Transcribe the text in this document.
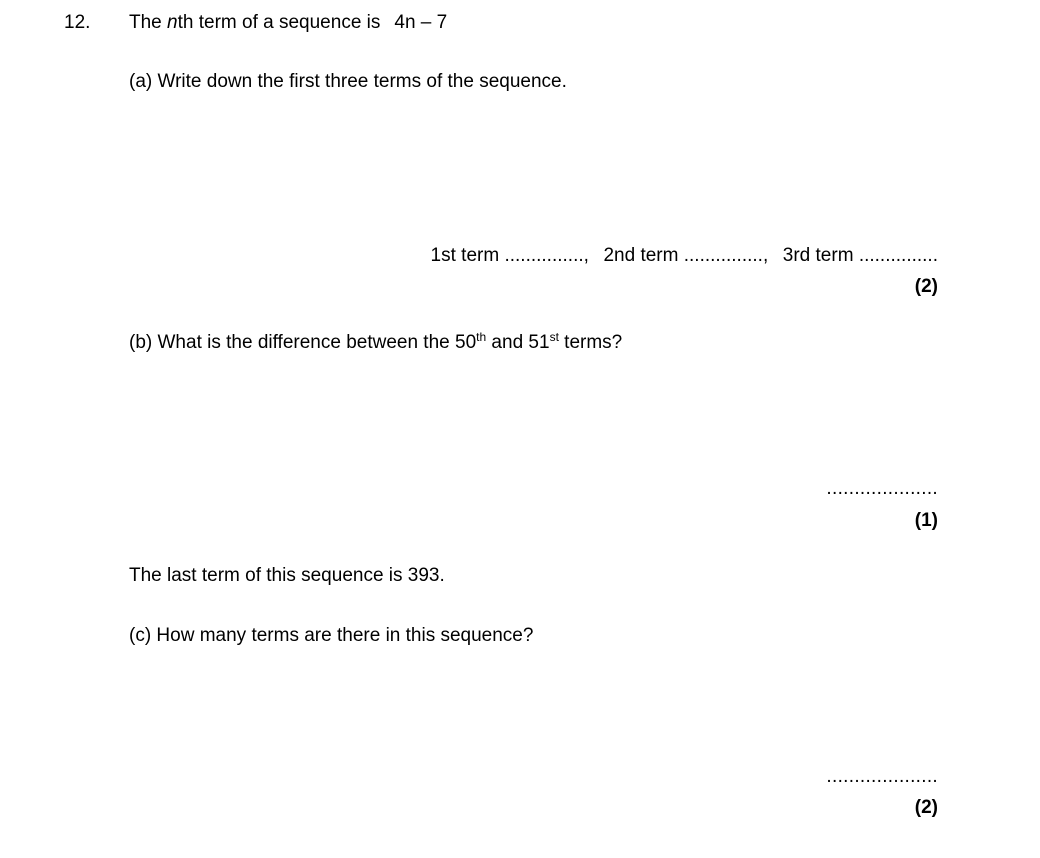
12. The nth term of a sequence is 4n – 7
(a) Write down the first three terms of the sequence.
1st term ..............., 2nd term ..............., 3rd term ...............
(2)
(b) What is the difference between the 50th and 51st terms?
....................
(1)
The last term of this sequence is 393.
(c) How many terms are there in this sequence?
....................
(2)
